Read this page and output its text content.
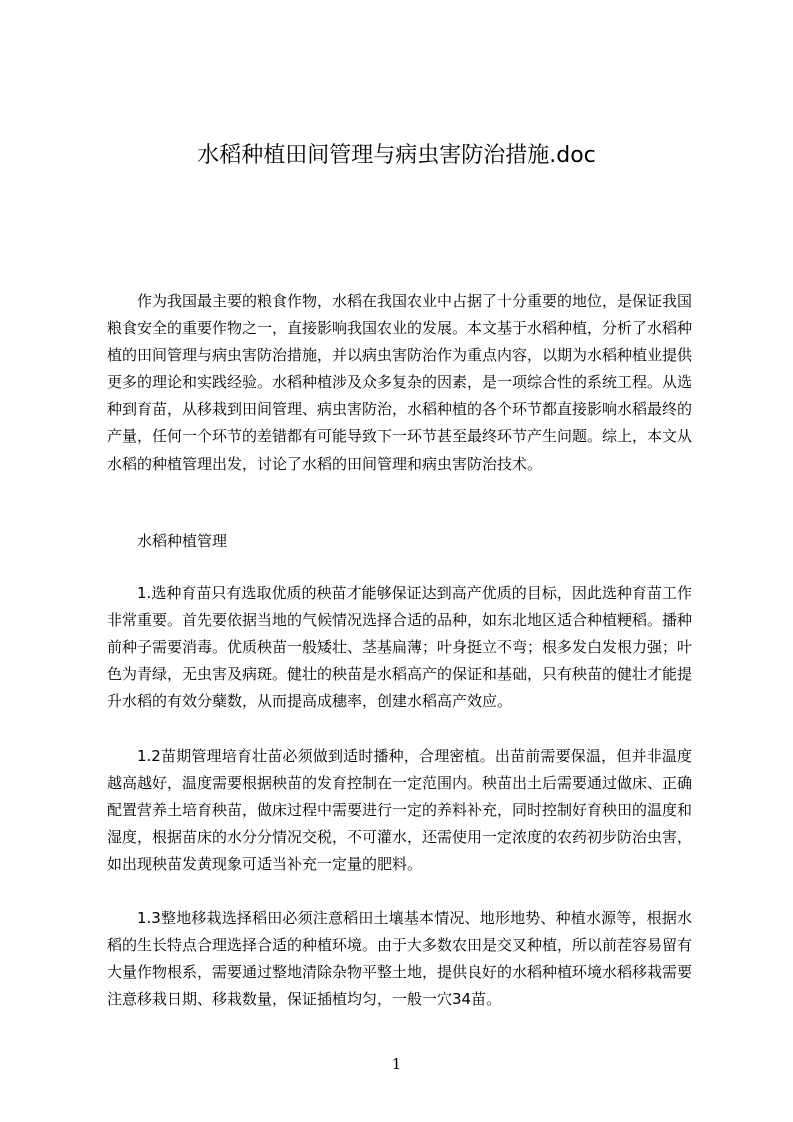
水稻种植田间管理与病虫害防治措施.doc

作为我国最主要的粮食作物，水稻在我国农业中占据了十分重要的地位，是保证我国粮食安全的重要作物之一，直接影响我国农业的发展。本文基于水稻种植，分析了水稻种植的田间管理与病虫害防治措施，并以病虫害防治作为重点内容，以期为水稻种植业提供更多的理论和实践经验。水稻种植涉及众多复杂的因素，是一项综合性的系统工程。从选种到育苗，从移栽到田间管理、病虫害防治，水稻种植的各个环节都直接影响水稻最终的产量，任何一个环节的差错都有可能导致下一环节甚至最终环节产生问题。综上，本文从水稻的种植管理出发，讨论了水稻的田间管理和病虫害防治技术。

水稻种植管理

1.选种育苗只有选取优质的秧苗才能够保证达到高产优质的目标，因此选种育苗工作非常重要。首先要依据当地的气候情况选择合适的品种，如东北地区适合种植粳稻。播种前种子需要消毒。优质秧苗一般矮壮、茎基扁薄；叶身挺立不弯；根多发白发根力强；叶色为青绿，无虫害及病斑。健壮的秧苗是水稻高产的保证和基础，只有秧苗的健壮才能提升水稻的有效分蘖数，从而提高成穗率，创建水稻高产效应。

1.2苗期管理培育壮苗必须做到适时播种，合理密植。出苗前需要保温，但并非温度越高越好，温度需要根据秧苗的发育控制在一定范围内。秧苗出土后需要通过做床、正确配置营养土培育秧苗，做床过程中需要进行一定的养料补充，同时控制好育秧田的温度和湿度，根据苗床的水分分情况交税，不可灌水，还需使用一定浓度的农药初步防治虫害，如出现秧苗发黄现象可适当补充一定量的肥料。

1.3整地移栽选择稻田必须注意稻田土壤基本情况、地形地势、种植水源等，根据水稻的生长特点合理选择合适的种植环境。由于大多数农田是交叉种植，所以前茬容易留有大量作物根系，需要通过整地清除杂物平整土地，提供良好的水稻种植环境水稻移栽需要注意移栽日期、移栽数量，保证插植均匀，一般一穴34苗。

1
